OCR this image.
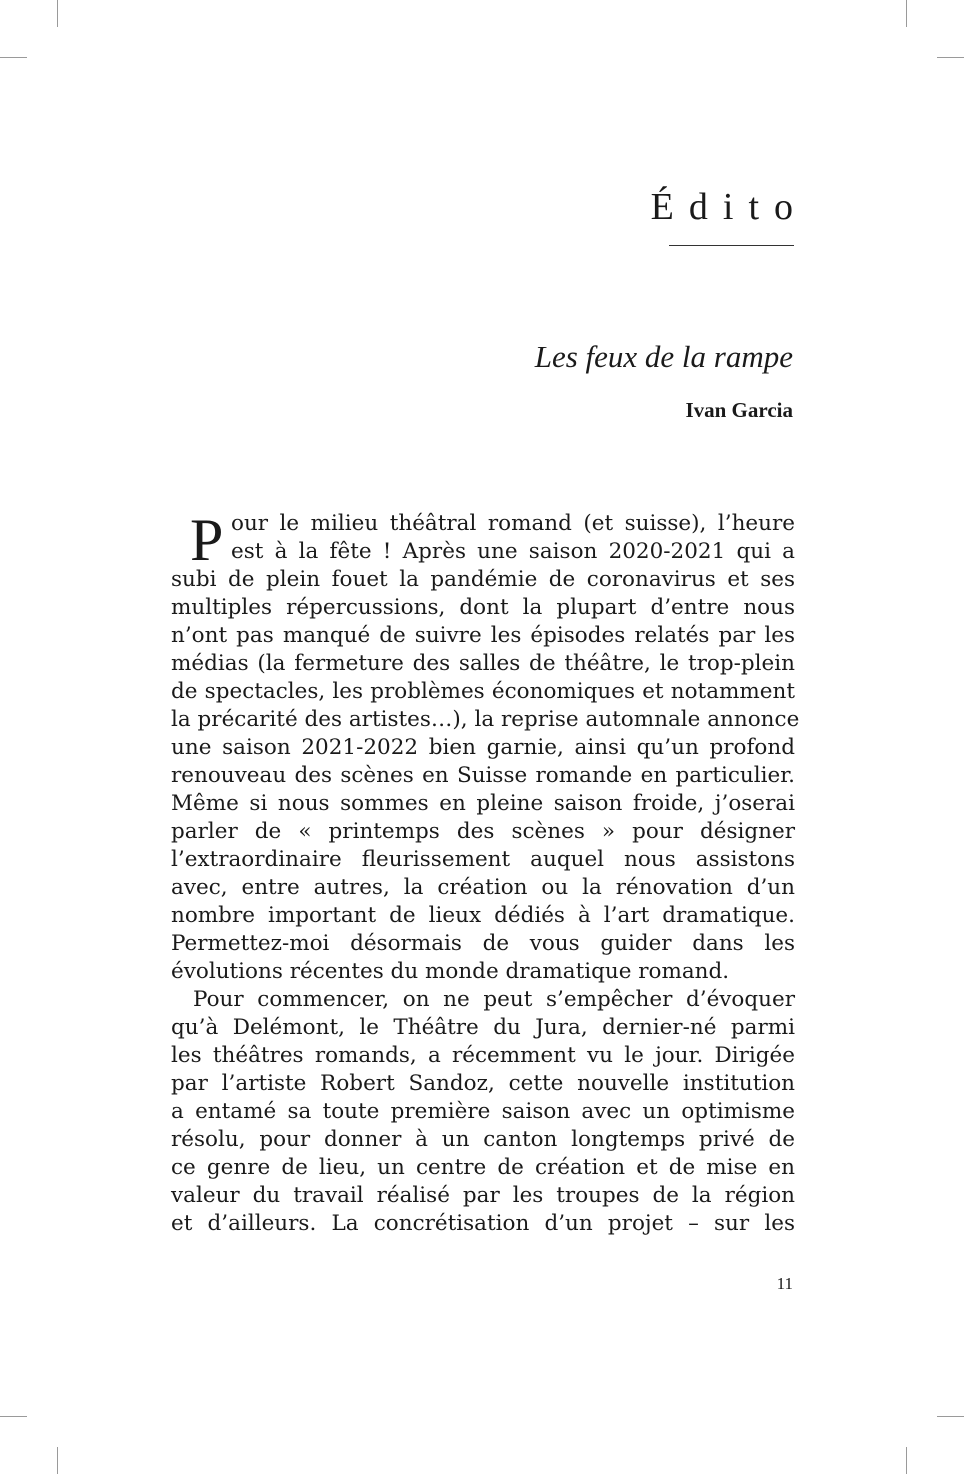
Édito
Les feux de la rampe
Ivan Garcia
P our le milieu théâtral romand (et suisse), l’heure
est à la fête ! Après une saison 2020-2021 qui a
subi de plein fouet la pandémie de coronavirus et ses
multiples répercussions, dont la plupart d’entre nous
n’ont pas manqué de suivre les épisodes relatés par les
médias (la fermeture des salles de théâtre, le trop-plein
de spectacles, les problèmes économiques et notamment
la précarité des artistes…), la reprise automnale annonce
une saison 2021-2022 bien garnie, ainsi qu’un profond
renouveau des scènes en Suisse romande en particulier.
Même si nous sommes en pleine saison froide, j’oserai
parler de « printemps des scènes » pour désigner
l’extraordinaire fleurissement auquel nous assistons
avec, entre autres, la création ou la rénovation d’un
nombre important de lieux dédiés à l’art dramatique.
Permettez-moi désormais de vous guider dans les
évolutions récentes du monde dramatique romand.
Pour commencer, on ne peut s’empêcher d’évoquer
qu’à Delémont, le Théâtre du Jura, dernier-né parmi
les théâtres romands, a récemment vu le jour. Dirigée
par l’artiste Robert Sandoz, cette nouvelle institution
a entamé sa toute première saison avec un optimisme
résolu, pour donner à un canton longtemps privé de
ce genre de lieu, un centre de création et de mise en
valeur du travail réalisé par les troupes de la région
et d’ailleurs. La concrétisation d’un projet – sur les
11
